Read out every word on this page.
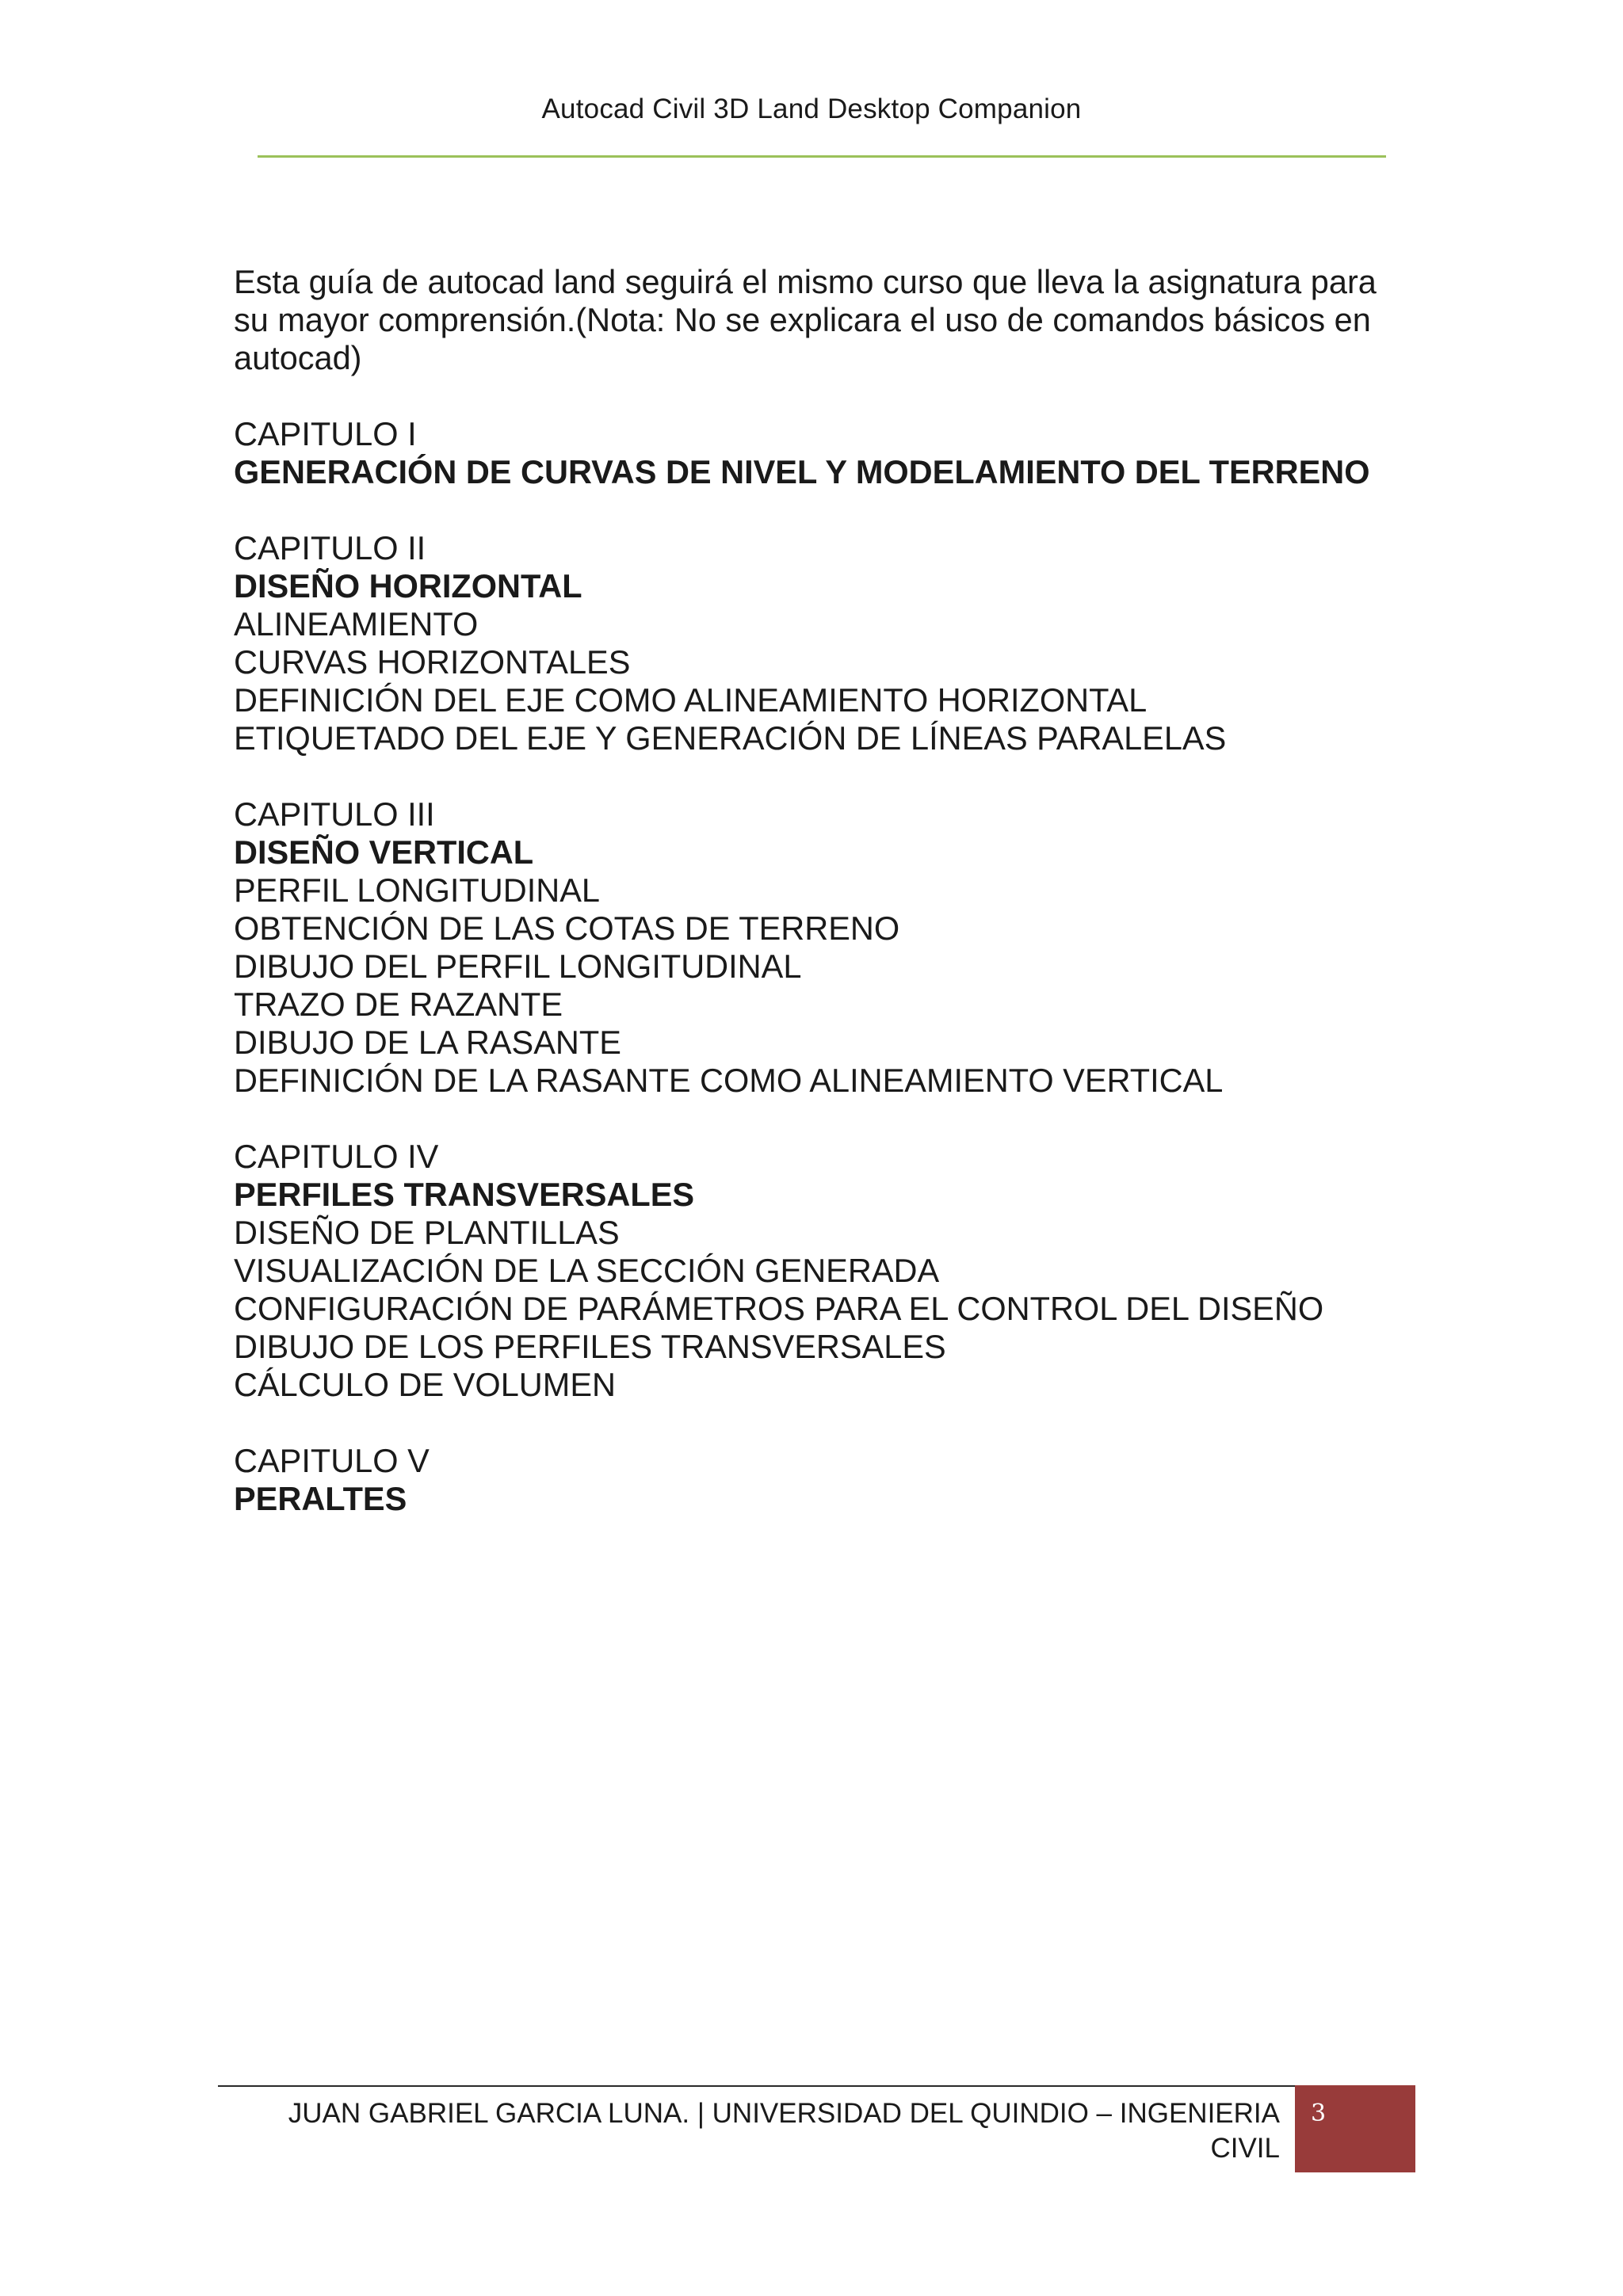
Autocad Civil 3D Land Desktop Companion
Esta guía de autocad land seguirá el mismo curso que lleva la asignatura para
su mayor comprensión.(Nota: No se explicara el uso de comandos básicos en
autocad)
CAPITULO I
GENERACIÓN DE CURVAS DE NIVEL Y MODELAMIENTO DEL TERRENO
CAPITULO II
DISEÑO HORIZONTAL
ALINEAMIENTO
CURVAS HORIZONTALES
DEFINICIÓN DEL EJE COMO ALINEAMIENTO HORIZONTAL
ETIQUETADO DEL EJE Y GENERACIÓN DE LÍNEAS PARALELAS
CAPITULO III
DISEÑO VERTICAL
PERFIL LONGITUDINAL
OBTENCIÓN DE LAS COTAS DE TERRENO
DIBUJO DEL PERFIL LONGITUDINAL
TRAZO DE RAZANTE
DIBUJO DE LA RASANTE
DEFINICIÓN DE LA RASANTE COMO ALINEAMIENTO VERTICAL
CAPITULO IV
PERFILES TRANSVERSALES
DISEÑO DE PLANTILLAS
VISUALIZACIÓN DE LA SECCIÓN GENERADA
CONFIGURACIÓN DE PARÁMETROS PARA EL CONTROL DEL DISEÑO
DIBUJO DE LOS PERFILES TRANSVERSALES
CÁLCULO DE VOLUMEN
CAPITULO V
PERALTES
JUAN GABRIEL GARCIA LUNA. | UNIVERSIDAD DEL QUINDIO – INGENIERIA
CIVIL
3
